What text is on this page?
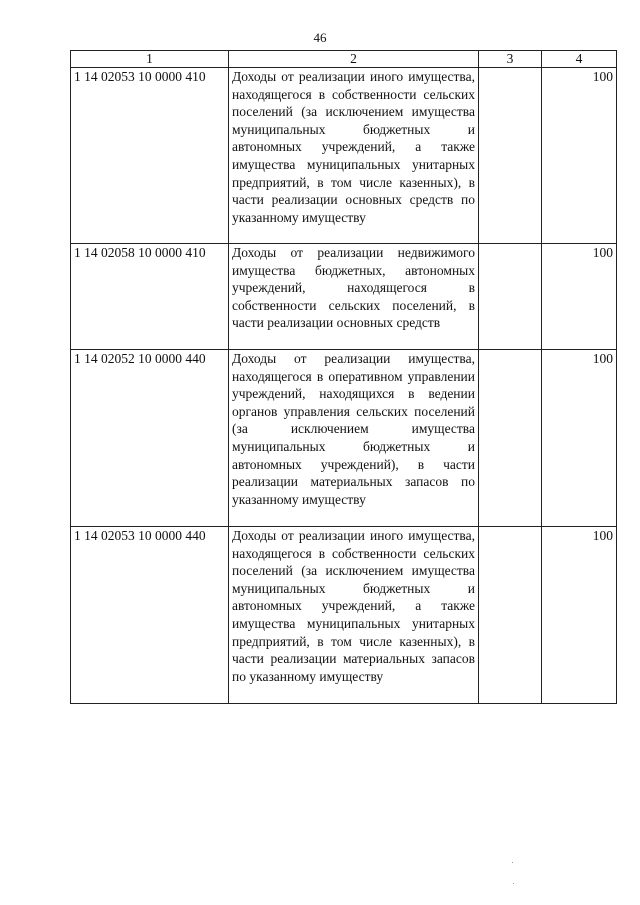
46
1	2	3	4
1 14 02053 10 0000 410	Доходы от реализации иного имущества, находящегося в собственности сельских поселений (за исключением имущества муниципальных бюджетных и автономных учреждений, а также имущества муниципальных унитарных предприятий, в том числе казенных), в части реализации основных средств по указанному имуществу		100
1 14 02058 10 0000 410	Доходы от реализации недвижимого имущества бюджетных, автономных учреждений, находящегося в собственности сельских поселений, в части реализации основных средств		100
1 14 02052 10 0000 440	Доходы от реализации имущества, находящегося в оперативном управлении учреждений, находящихся в ведении органов управления сельских поселений (за исключением имущества муниципальных бюджетных и автономных учреждений), в части реализации материальных запасов по указанному имуществу		100
1 14 02053 10 0000 440	Доходы от реализации иного имущества, находящегося в собственности сельских поселений (за исключением имущества муниципальных бюджетных и автономных учреждений, а также имущества муниципальных унитарных предприятий, в том числе казенных), в части реализации материальных запасов по указанному имуществу		100
